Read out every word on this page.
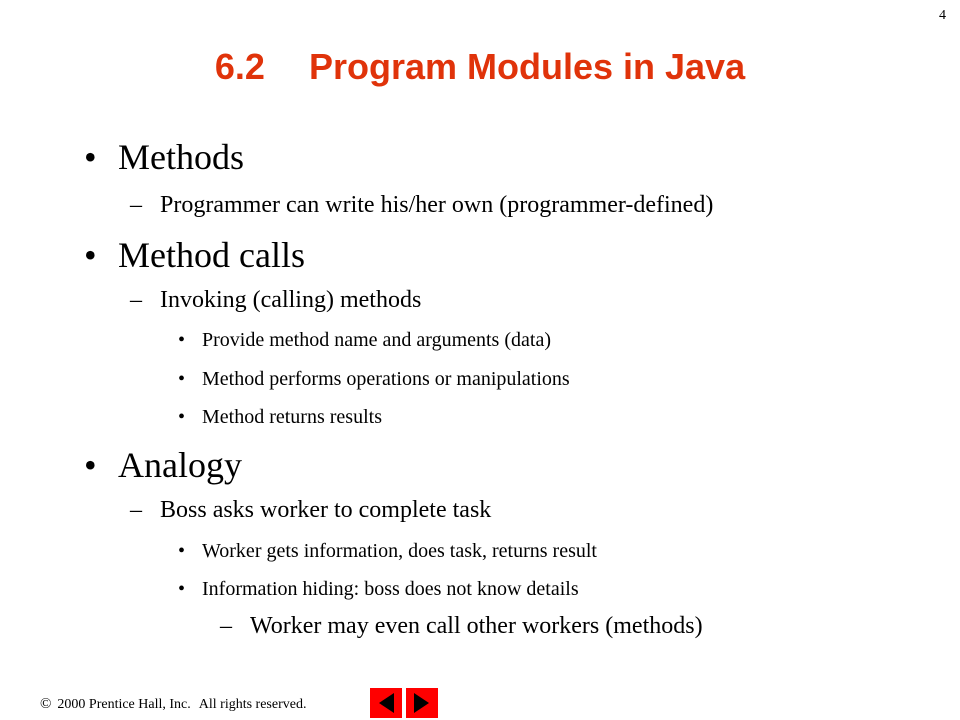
4
6.2 Program Modules in Java
• Methods
– Programmer can write his/her own (programmer-defined)
• Method calls
– Invoking (calling) methods
• Provide method name and arguments (data)
• Method performs operations or manipulations
• Method returns results
• Analogy
– Boss asks worker to complete task
• Worker gets information, does task, returns result
• Information hiding: boss does not know details
– Worker may even call other workers (methods)
© 2000 Prentice Hall, Inc. All rights reserved.
